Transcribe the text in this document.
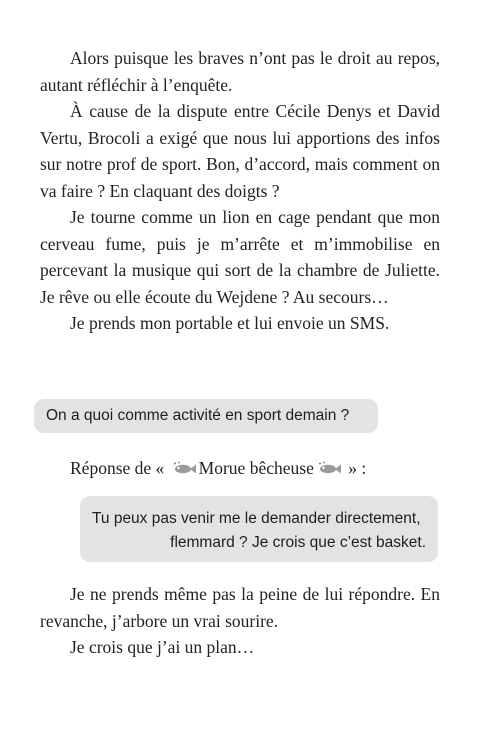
Alors puisque les braves n’ont pas le droit au repos, autant réfléchir à l’enquête.

À cause de la dispute entre Cécile Denys et David Vertu, Brocoli a exigé que nous lui apportions des infos sur notre prof de sport. Bon, d’accord, mais comment on va faire ? En claquant des doigts ?

Je tourne comme un lion en cage pendant que mon cerveau fume, puis je m’arrête et m’immobilise en percevant la musique qui sort de la chambre de Juliette. Je rêve ou elle écoute du Wejdene ? Au secours…

Je prends mon portable et lui envoie un SMS.

On a quoi comme activité en sport demain ?
Réponse de « Morue bêcheuse » :
Tu peux pas venir me le demander directement,
flemmard ? Je crois que c’est basket.

Je ne prends même pas la peine de lui répondre. En revanche, j’arbore un vrai sourire.

Je crois que j’ai un plan…
